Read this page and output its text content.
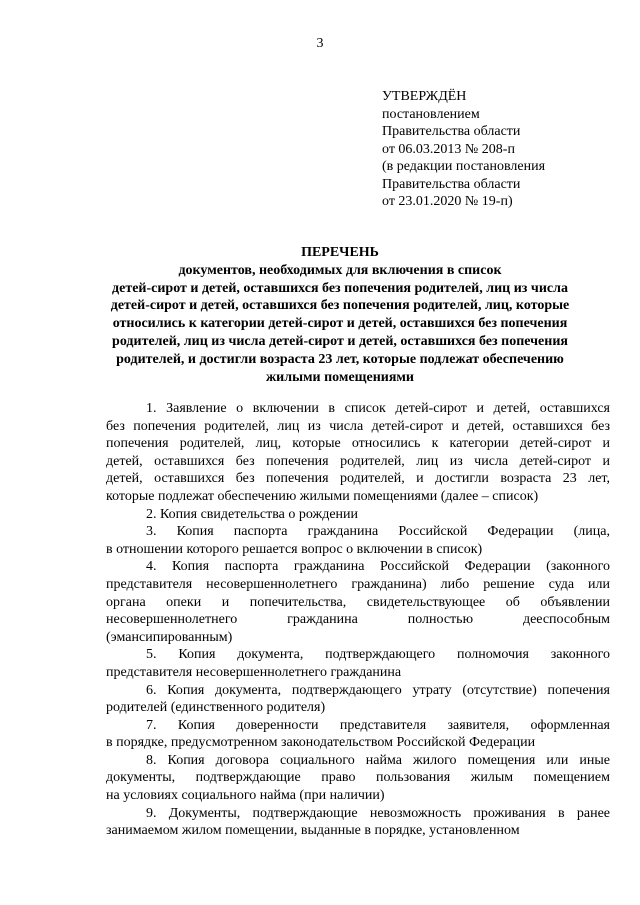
3
УТВЕРЖДЁН
постановлением
Правительства области
от 06.03.2013 № 208-п
(в редакции постановления
Правительства области
от 23.01.2020 № 19-п)
ПЕРЕЧЕНЬ
документов, необходимых для включения в список
детей-сирот и детей, оставшихся без попечения родителей, лиц из числа
детей-сирот и детей, оставшихся без попечения родителей, лиц, которые
относились к категории детей-сирот и детей, оставшихся без попечения
родителей, лиц из числа детей-сирот и детей, оставшихся без попечения
родителей, и достигли возраста 23 лет, которые подлежат обеспечению
жилыми помещениями
1. Заявление о включении в список детей-сирот и детей, оставшихся
без попечения родителей, лиц из числа детей-сирот и детей, оставшихся без
попечения родителей, лиц, которые относились к категории детей-сирот и
детей, оставшихся без попечения родителей, лиц из числа детей-сирот и
детей, оставшихся без попечения родителей, и достигли возраста 23 лет,
которые подлежат обеспечению жилыми помещениями (далее – список)
2. Копия свидетельства о рождении
3. Копия паспорта гражданина Российской Федерации (лица,
в отношении которого решается вопрос о включении в список)
4. Копия паспорта гражданина Российской Федерации (законного
представителя несовершеннолетнего гражданина) либо решение суда или
органа опеки и попечительства, свидетельствующее об объявлении
несовершеннолетнего гражданина полностью дееспособным
(эмансипированным)
5. Копия документа, подтверждающего полномочия законного
представителя несовершеннолетнего гражданина
6. Копия документа, подтверждающего утрату (отсутствие) попечения
родителей (единственного родителя)
7. Копия доверенности представителя заявителя, оформленная
в порядке, предусмотренном законодательством Российской Федерации
8. Копия договора социального найма жилого помещения или иные
документы, подтверждающие право пользования жилым помещением
на условиях социального найма (при наличии)
9. Документы, подтверждающие невозможность проживания в ранее
занимаемом жилом помещении, выданные в порядке, установленном
